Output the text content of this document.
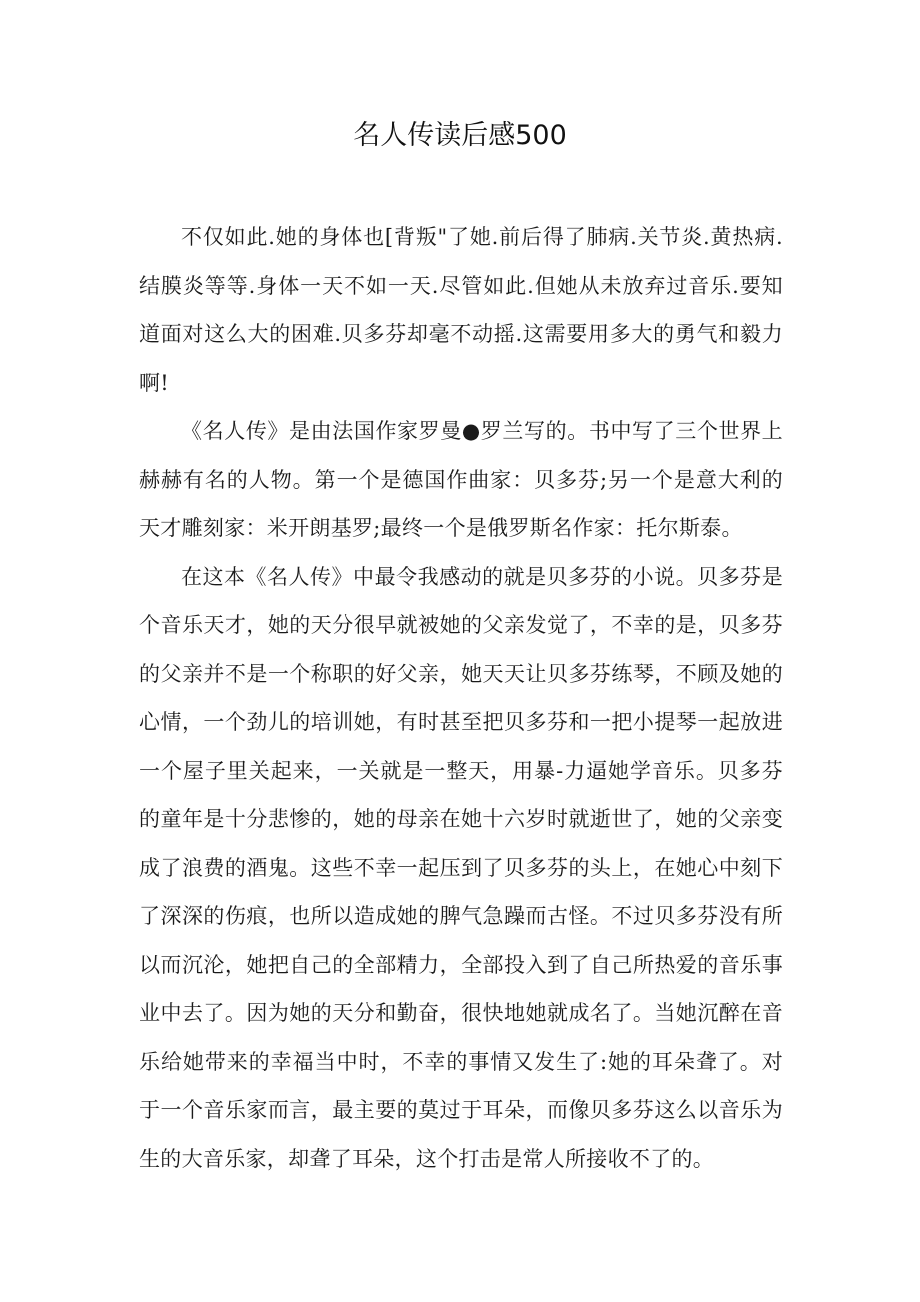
名人传读后感500

不仅如此.她的身体也[背叛"了她.前后得了肺病.关节炎.黄热病.结膜炎等等.身体一天不如一天.尽管如此.但她从未放弃过音乐.要知道面对这么大的困难.贝多芬却毫不动摇.这需要用多大的勇气和毅力啊!

《名人传》是由法国作家罗曼●罗兰写的。书中写了三个世界上赫赫有名的人物。第一个是德国作曲家：贝多芬;另一个是意大利的天才雕刻家：米开朗基罗;最终一个是俄罗斯名作家：托尔斯泰。

在这本《名人传》中最令我感动的就是贝多芬的小说。贝多芬是个音乐天才，她的天分很早就被她的父亲发觉了，不幸的是，贝多芬的父亲并不是一个称职的好父亲，她天天让贝多芬练琴，不顾及她的心情，一个劲儿的培训她，有时甚至把贝多芬和一把小提琴一起放进一个屋子里关起来，一关就是一整天，用暴-力逼她学音乐。贝多芬的童年是十分悲惨的，她的母亲在她十六岁时就逝世了，她的父亲变成了浪费的酒鬼。这些不幸一起压到了贝多芬的头上，在她心中刻下了深深的伤痕，也所以造成她的脾气急躁而古怪。不过贝多芬没有所以而沉沦，她把自己的全部精力，全部投入到了自己所热爱的音乐事业中去了。因为她的天分和勤奋，很快地她就成名了。当她沉醉在音乐给她带来的幸福当中时，不幸的事情又发生了:她的耳朵聋了。对于一个音乐家而言，最主要的莫过于耳朵，而像贝多芬这么以音乐为生的大音乐家，却聋了耳朵，这个打击是常人所接收不了的。
